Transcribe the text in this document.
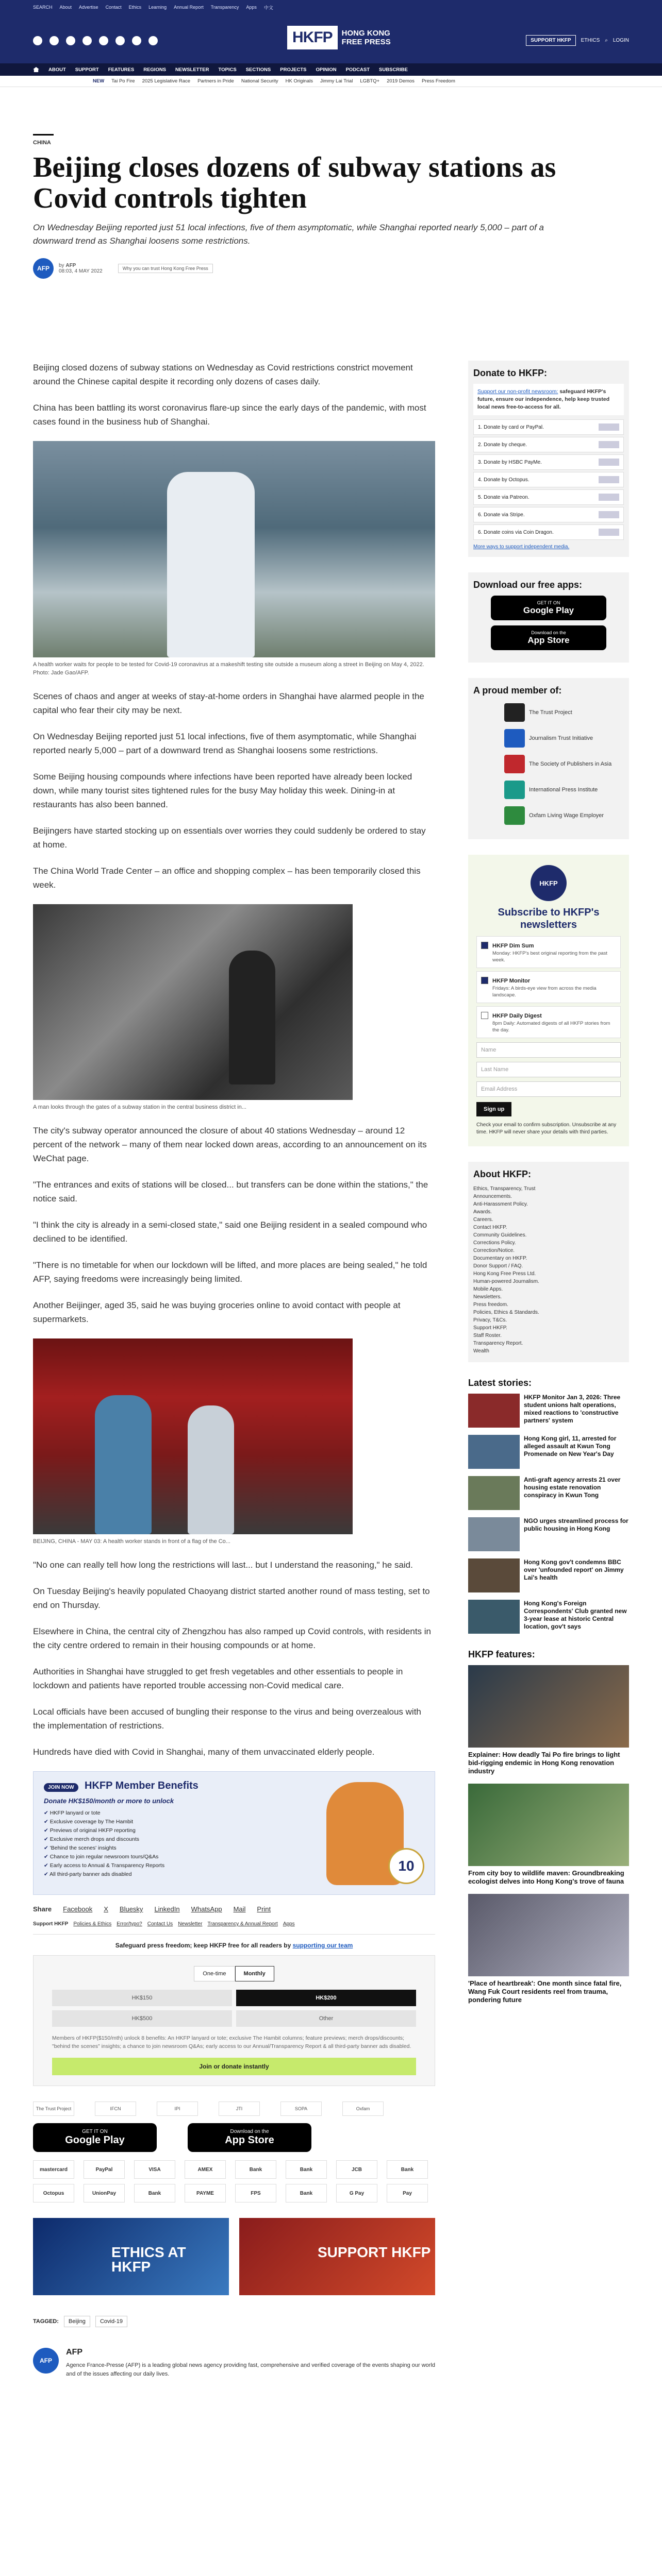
SEARCH About Advertise Contact Ethics Learning Annual Report Transparency Apps 中文
HKFP	HONG KONG
FREE PRESS	SUPPORT HKFP	ETHICS ⌕ LOGIN
ABOUT SUPPORT FEATURES REGIONS NEWSLETTER TOPICS SECTIONS PROJECTS OPINION PODCAST SUBSCRIBE
NEW Tai Po Fire 2025 Legislative Race Partners in Pride National Security HK Originals Jimmy Lai Trial LGBTQ+ 2019 Demos Press Freedom
CHINA
Beijing closes dozens of subway stations as Covid controls tighten
On Wednesday Beijing reported just 51 local infections, five of them asymptomatic, while Shanghai reported nearly 5,000 – part of a downward trend as Shanghai loosens some restrictions.
AFP	by AFP
08:03, 4 MAY 2022	Why you can trust Hong Kong Free Press

Beijing closed dozens of subway stations on Wednesday as Covid restrictions constrict movement around the Chinese capital despite it recording only dozens of cases daily.

China has been battling its worst coronavirus flare-up since the early days of the pandemic, with most cases found in the business hub of Shanghai.

A health worker waits for people to be tested for Covid-19 coronavirus at a makeshift testing site outside a museum along a street in Beijing on May 4, 2022. Photo: Jade Gao/AFP.

Scenes of chaos and anger at weeks of stay-at-home orders in Shanghai have alarmed people in the capital who fear their city may be next.

On Wednesday Beijing reported just 51 local infections, five of them asymptomatic, while Shanghai reported nearly 5,000 – part of a downward trend as Shanghai loosens some restrictions.

Some Beijing housing compounds where infections have been reported have already been locked down, while many tourist sites tightened rules for the busy May holiday this week. Dining-in at restaurants has also been banned.

Beijingers have started stocking up on essentials over worries they could suddenly be ordered to stay at home.

The China World Trade Center – an office and shopping complex – has been temporarily closed this week.

A man looks through the gates of a subway station in the central business district in...

The city's subway operator announced the closure of about 40 stations Wednesday – around 12 percent of the network – many of them near locked down areas, according to an announcement on its WeChat page.

"The entrances and exits of stations will be closed... but transfers can be done within the stations," the notice said.

"I think the city is already in a semi-closed state," said one Beijing resident in a sealed compound who declined to be identified.

"There is no timetable for when our lockdown will be lifted, and more places are being sealed," he told AFP, saying freedoms were increasingly being limited.

Another Beijinger, aged 35, said he was buying groceries online to avoid contact with people at supermarkets.

BEIJING, CHINA - MAY 03: A health worker stands in front of a flag of the Co...

"No one can really tell how long the restrictions will last... but I understand the reasoning," he said.

On Tuesday Beijing's heavily populated Chaoyang district started another round of mass testing, set to end on Thursday.

Elsewhere in China, the central city of Zhengzhou has also ramped up Covid controls, with residents in the city centre ordered to remain in their housing compounds or at home.

Authorities in Shanghai have struggled to get fresh vegetables and other essentials to people in lockdown and patients have reported trouble accessing non-Covid medical care.

Local officials have been accused of bungling their response to the virus and being overzealous with the implementation of restrictions.

Hundreds have died with Covid in Shanghai, many of them unvaccinated elderly people.

JOIN NOW HKFP Member Benefits
Donate HK$150/month or more to unlock
✔ HKFP lanyard or tote
✔ Exclusive coverage by The Hambit
✔ Previews of original HKFP reporting
✔ Exclusive merch drops and discounts
✔ 'Behind the scenes' insights
✔ Chance to join regular newsroom tours/Q&As
✔ Early access to Annual & Transparency Reports
✔ All third-party banner ads disabled
10
Share Facebook X Bluesky LinkedIn WhatsApp Mail Print
Support HKFP Policies & Ethics Error/typo? Contact Us Newsletter Transparency & Annual Report Apps
Safeguard press freedom; keep HKFP free for all readers by supporting our team
One-time	Monthly
HK$150	HK$200
HK$500	Other
Members of HKFP($150/mth) unlock 8 benefits: An HKFP lanyard or tote; exclusive The Hambit columns; feature previews; merch drops/discounts; "behind the scenes" insights; a chance to join newsroom Q&As; early access to our Annual/Transparency Report & all third-party banner ads disabled.
Join or donate instantly
The Trust Project	IFCN	IPI	JTI	SOPA	Oxfam
GET IT ON
Google Play
Download on the
App Store
mastercard	PayPal	VISA	AMEX	Bank	Bank	JCB	Bank
Octopus	UnionPay	Bank	PAYME	FPS	Bank	G Pay	Pay
ETHICS AT HKFP
SUPPORT HKFP
TAGGED:	Beijing	Covid-19
AFP
AFP

Agence France-Presse (AFP) is a leading global news agency providing fast, comprehensive and verified coverage of the events shaping our world and of the issues affecting our daily lives.

Donate to HKFP:
Support our non-profit newsroom: safeguard HKFP's future, ensure our independence, help keep trusted local news free-to-access for all.
1. Donate by card or PayPal.
2. Donate by cheque.
3. Donate by HSBC PayMe.
4. Donate by Octopus.
5. Donate via Patreon.
6. Donate via Stripe.
6. Donate coins via Coin Dragon.
More ways to support independent media.
Download our free apps:
GET IT ON
Google Play
Download on the
App Store
A proud member of:
The Trust Project
Journalism Trust Initiative
The Society of Publishers in Asia
International Press Institute
Oxfam Living Wage Employer
HKFP
Subscribe to HKFP's newsletters
HKFP Dim Sum
Monday: HKFP's best original reporting from the past week.
HKFP Monitor
Fridays: A birds-eye view from across the media landscape.
HKFP Daily Digest
8pm Daily: Automated digests of all HKFP stories from the day.
Name
Last Name
Email Address
Sign up
Check your email to confirm subscription. Unsubscribe at any time. HKFP will never share your details with third parties.
About HKFP:
Ethics, Transparency, Trust
Announcements.
Anti-Harassment Policy.
Awards.
Careers.
Contact HKFP.
Community Guidelines.
Corrections Policy.
Correction/Notice.
Documentary on HKFP.
Donor Support / FAQ.
Hong Kong Free Press Ltd.
Human-powered Journalism.
Mobile Apps.
Newsletters.
Press freedom.
Policies, Ethics & Standards.
Privacy, T&Cs.
Support HKFP.
Staff Roster.
Transparency Report.
Wealth
Latest stories:
HKFP Monitor Jan 3, 2026: Three student unions halt operations, mixed reactions to 'constructive partners' system
Hong Kong girl, 11, arrested for alleged assault at Kwun Tong Promenade on New Year's Day
Anti-graft agency arrests 21 over housing estate renovation conspiracy in Kwun Tong
NGO urges streamlined process for public housing in Hong Kong
Hong Kong gov't condemns BBC over 'unfounded report' on Jimmy Lai's health
Hong Kong's Foreign Correspondents' Club granted new 3-year lease at historic Central location, gov't says
HKFP features:
Explainer: How deadly Tai Po fire brings to light bid-rigging endemic in Hong Kong renovation industry
From city boy to wildlife maven: Groundbreaking ecologist delves into Hong Kong's trove of fauna
'Place of heartbreak': One month since fatal fire, Wang Fuk Court residents reel from trauma, pondering future
